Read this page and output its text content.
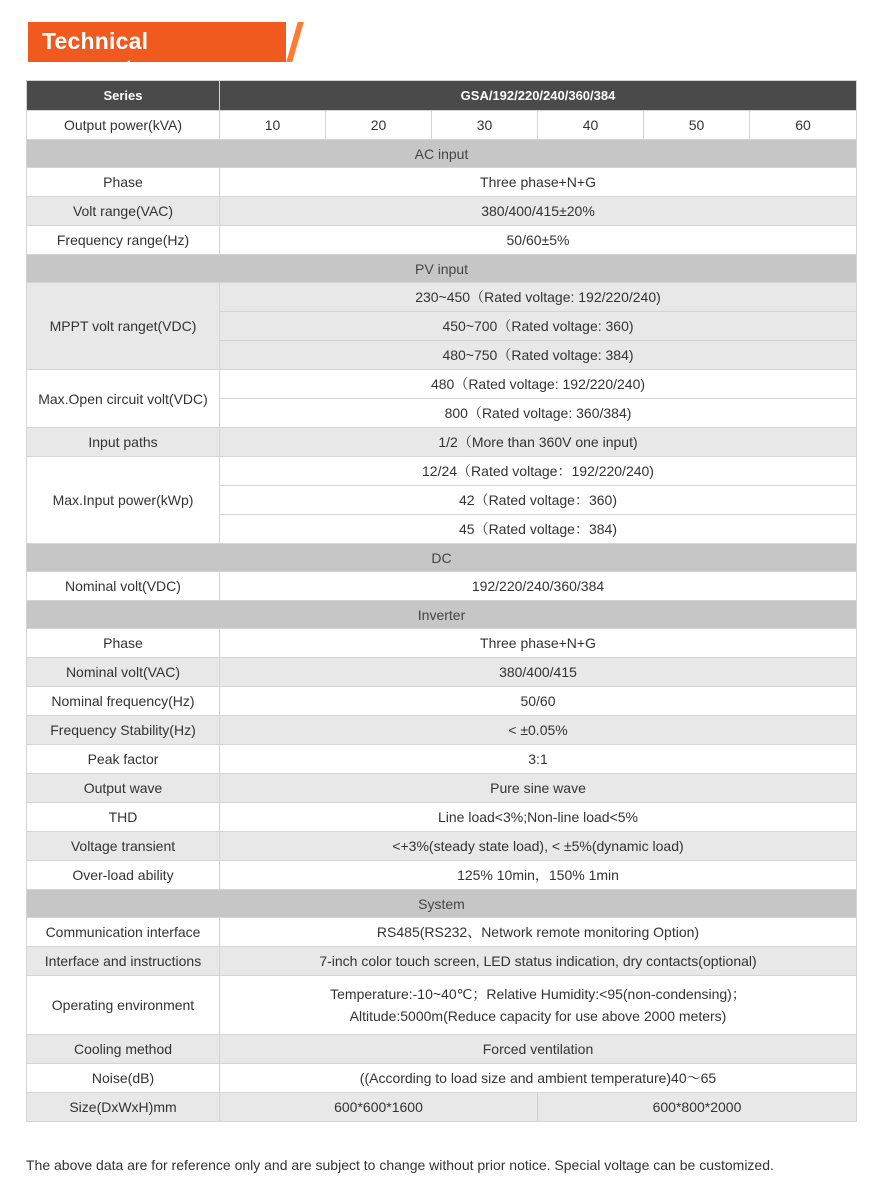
Technical parameters
Series	GSA/192/220/240/360/384					
Output power(kVA)	10	20	30	40	50	60
AC input						
Phase	Three phase+N+G					
Volt range(VAC)	380/400/415±20%					
Frequency range(Hz)	50/60±5%					
PV input						
MPPT volt ranget(VDC)	230~450（Rated voltage: 192/220/240)					
	450~700（Rated voltage: 360)					
	480~750（Rated voltage: 384)					
Max.Open circuit volt(VDC)	480（Rated voltage: 192/220/240)					
	800（Rated voltage: 360/384)					
Input paths	1/2（More than 360V one input)					
Max.Input power(kWp)	12/24（Rated voltage：192/220/240)					
	42（Rated voltage：360)					
	45（Rated voltage：384)					
DC						
Nominal volt(VDC)	192/220/240/360/384					
Inverter						
Phase	Three phase+N+G					
Nominal volt(VAC)	380/400/415					
Nominal frequency(Hz)	50/60					
Frequency Stability(Hz)	< ±0.05%					
Peak factor	3:1					
Output wave	Pure sine wave					
THD	Line load<3%;Non-line load<5%					
Voltage transient	<+3%(steady state load), < ±5%(dynamic load)					
Over-load ability	125% 10min，150% 1min					
System						
Communication interface	RS485(RS232、Network remote monitoring Option)					
Interface and instructions	7-inch color touch screen, LED status indication, dry contacts(optional)					
Operating environment	Temperature:-10~40℃；Relative Humidity:<95(non-condensing)；
Altitude:5000m(Reduce capacity for use above 2000 meters)					

Cooling method	Forced ventilation					
Noise(dB)	((According to load size and ambient temperature)40～65					
Size(DxWxH)mm	600*600*1600			600*800*2000		
The above data are for reference only and are subject to change without prior notice. Special voltage can be customized.
